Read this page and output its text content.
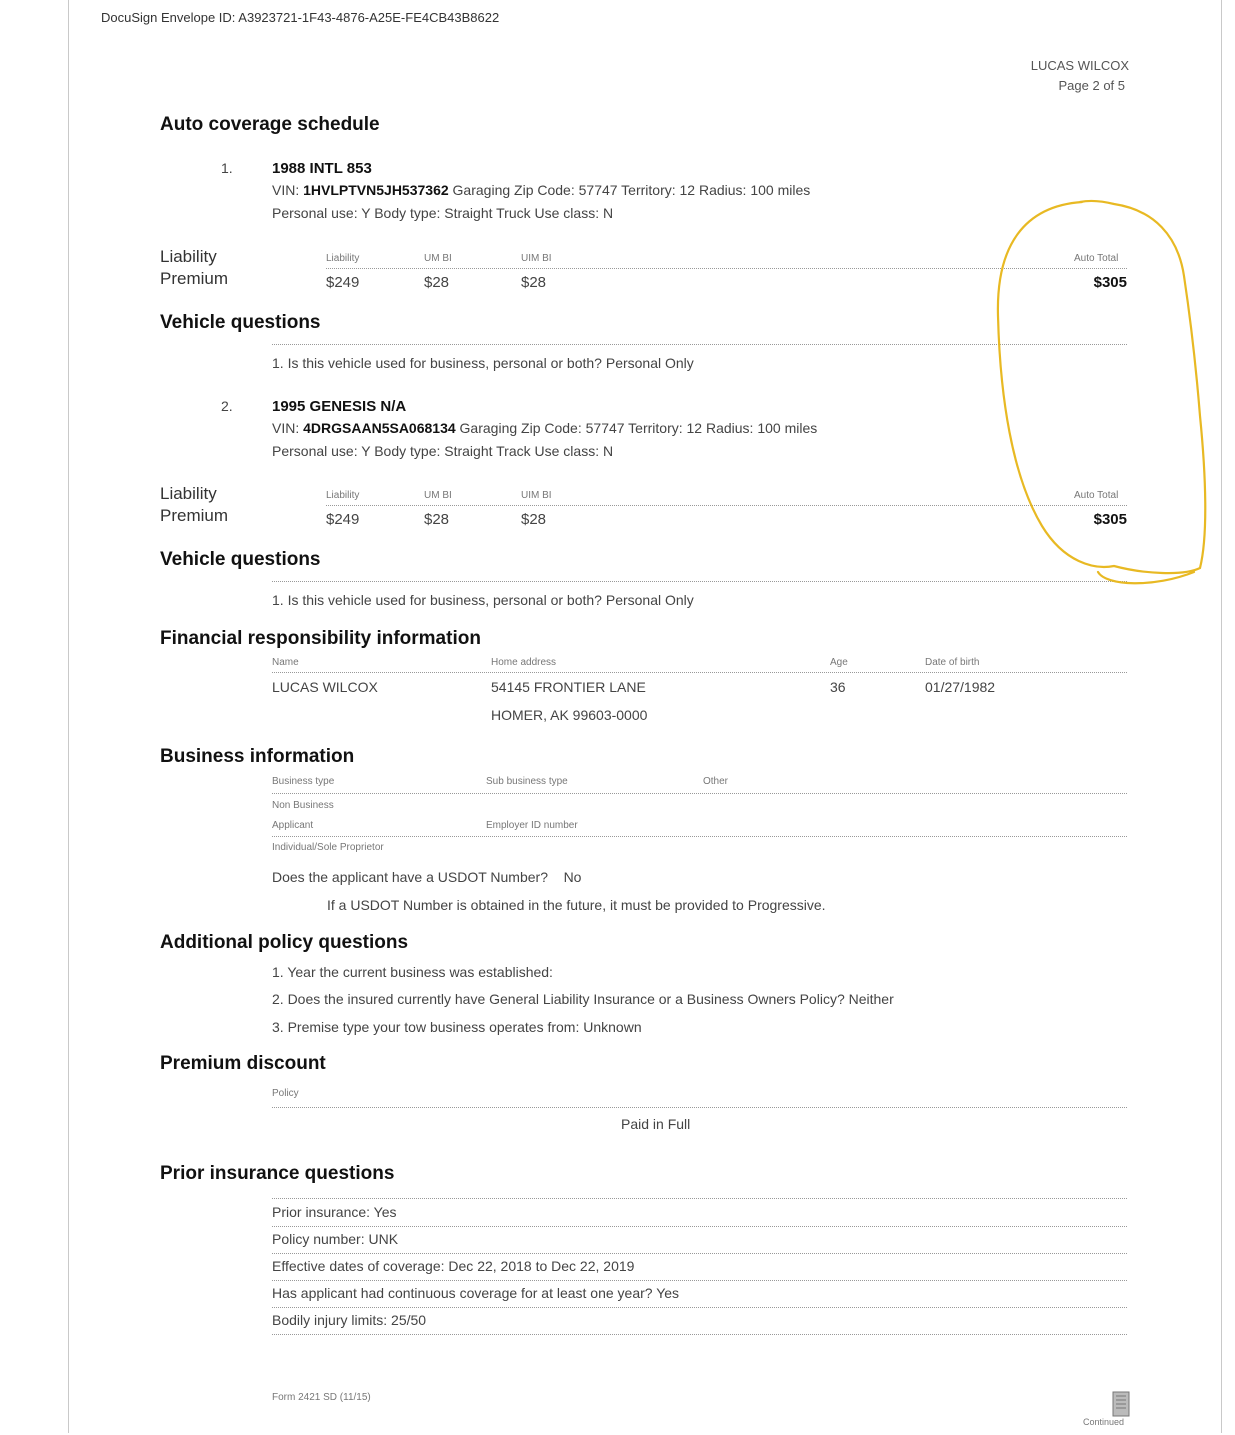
DocuSign Envelope ID: A3923721-1F43-4876-A25E-FE4CB43B8622
LUCAS WILCOX
Page 2 of 5
Auto coverage schedule
1.	1988 INTL 853
VIN: 1HVLPTVN5JH537362 Garaging Zip Code: 57747 Territory: 12 Radius: 100 miles
Personal use: Y Body type: Straight Truck Use class: N
Liability
Premium
Liability	UM BI	UIM BI	Auto Total
$249	$28	$28	$305
Vehicle questions
1. Is this vehicle used for business, personal or both? Personal Only
2.	1995 GENESIS N/A
VIN: 4DRGSAAN5SA068134 Garaging Zip Code: 57747 Territory: 12 Radius: 100 miles
Personal use: Y Body type: Straight Track Use class: N
Liability
Premium
Liability	UM BI	UIM BI	Auto Total
$249	$28	$28	$305
Vehicle questions
1. Is this vehicle used for business, personal or both? Personal Only
Financial responsibility information
Name	Home address	Age	Date of birth
LUCAS WILCOX	54145 FRONTIER LANE	36	01/27/1982
HOMER, AK 99603-0000
Business information
Business type	Sub business type	Other
Non Business
Applicant	Employer ID number
Individual/Sole Proprietor
Does the applicant have a USDOT Number? No
If a USDOT Number is obtained in the future, it must be provided to Progressive.
Additional policy questions
1. Year the current business was established:
2. Does the insured currently have General Liability Insurance or a Business Owners Policy? Neither
3. Premise type your tow business operates from: Unknown
Premium discount
Policy
Paid in Full
Prior insurance questions
Prior insurance: Yes
Policy number: UNK
Effective dates of coverage: Dec 22, 2018 to Dec 22, 2019
Has applicant had continuous coverage for at least one year? Yes
Bodily injury limits: 25/50
Form 2421 SD (11/15)
Continued
